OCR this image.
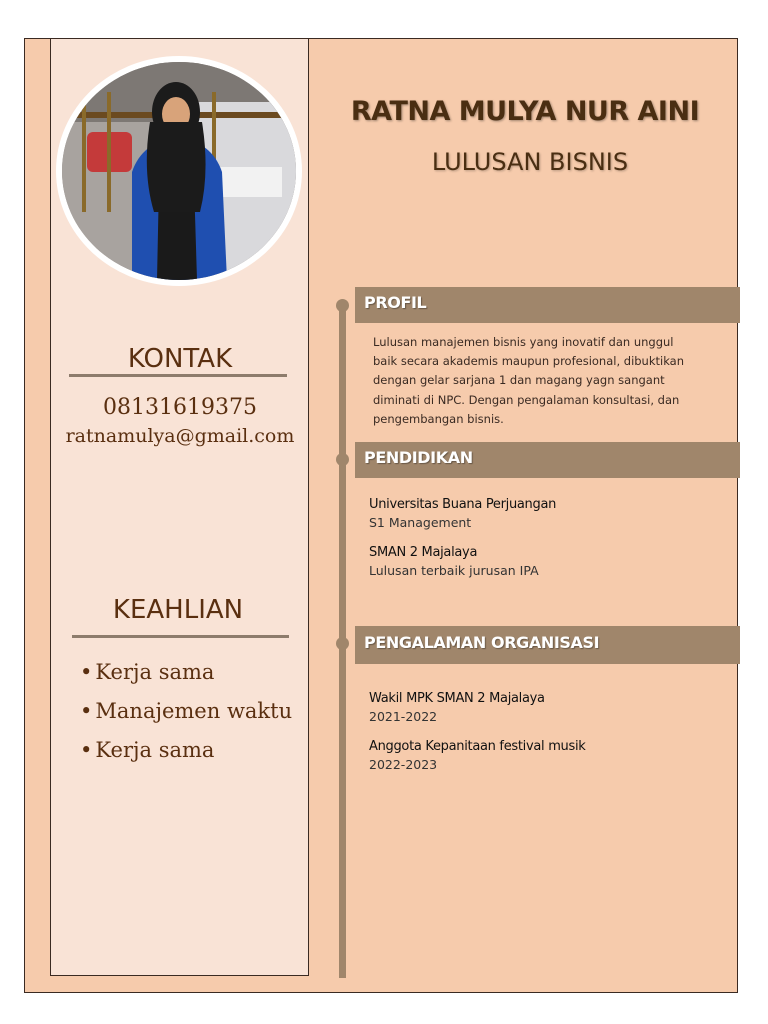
RATNA MULYA NUR AINI
LULUSAN BISNIS
KONTAK
08131619375
ratnamulya@gmail.com
KEAHLIAN
• Kerja sama
• Manajemen waktu
• Kerja sama
PROFIL
Lulusan manajemen bisnis yang inovatif dan unggul
baik secara akademis maupun profesional, dibuktikan
dengan gelar sarjana 1 dan magang yagn sangant
diminati di NPC. Dengan pengalaman konsultasi, dan
pengembangan bisnis.
PENDIDIKAN
Universitas Buana Perjuangan
S1 Management
SMAN 2 Majalaya
Lulusan terbaik jurusan IPA
PENGALAMAN ORGANISASI
Wakil MPK SMAN 2 Majalaya
2021-2022
Anggota Kepanitaan festival musik
2022-2023
